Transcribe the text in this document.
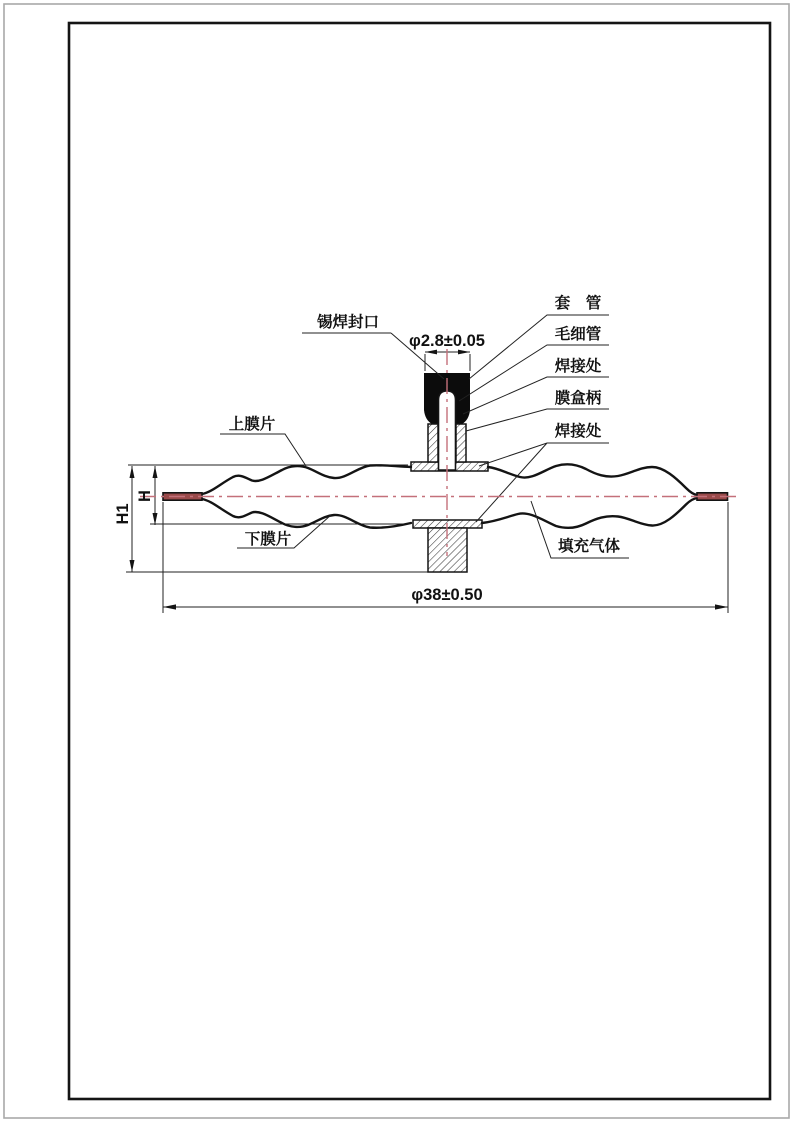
锡焊封口
套　管
毛细管
焊接处
膜盒柄
焊接处
上膜片
下膜片	填充气体
φ2.8±0.05
φ38±0.50
H
H1
